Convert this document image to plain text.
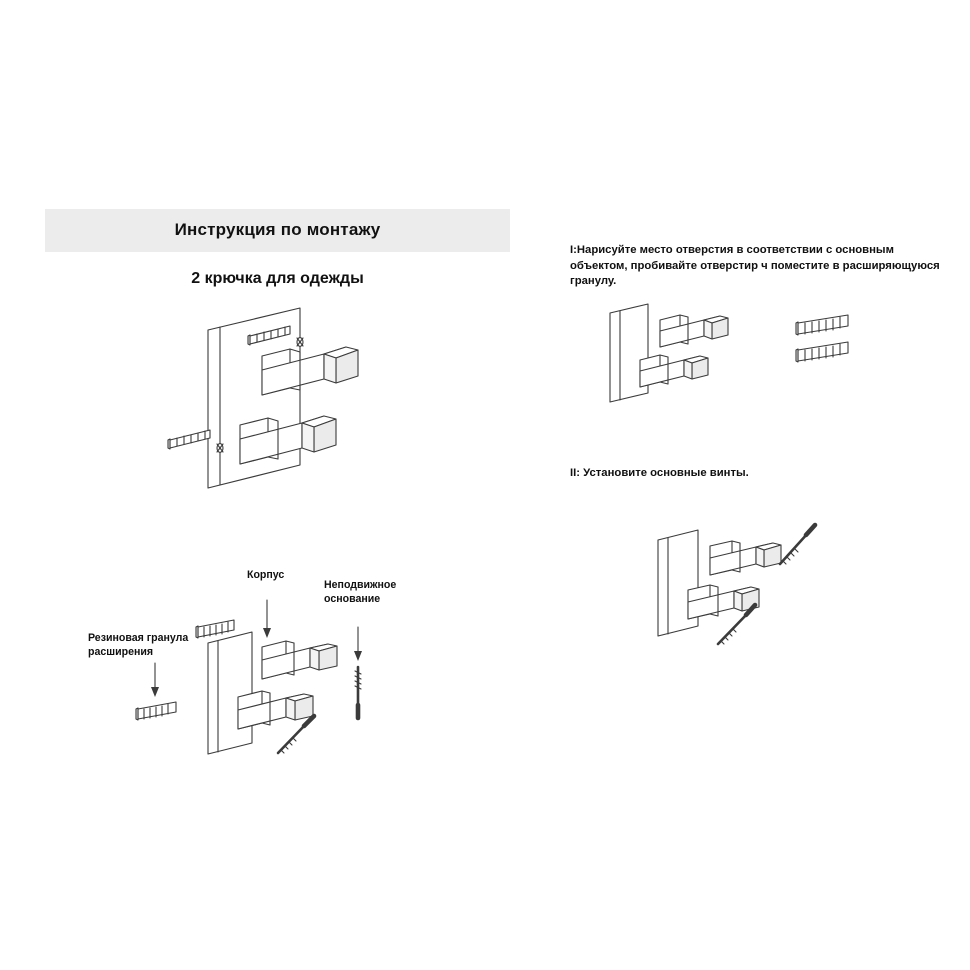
Инструкция по монтажу
2 крючка для одежды
I:Нарисуйте место отверстия в соответствии с основным объектом, пробивайте отверстир ч поместите в расширяющуюся гранулу.
II: Установите основные винты.
Корпус
Неподвижное основание
Резиновая гранула расширения
